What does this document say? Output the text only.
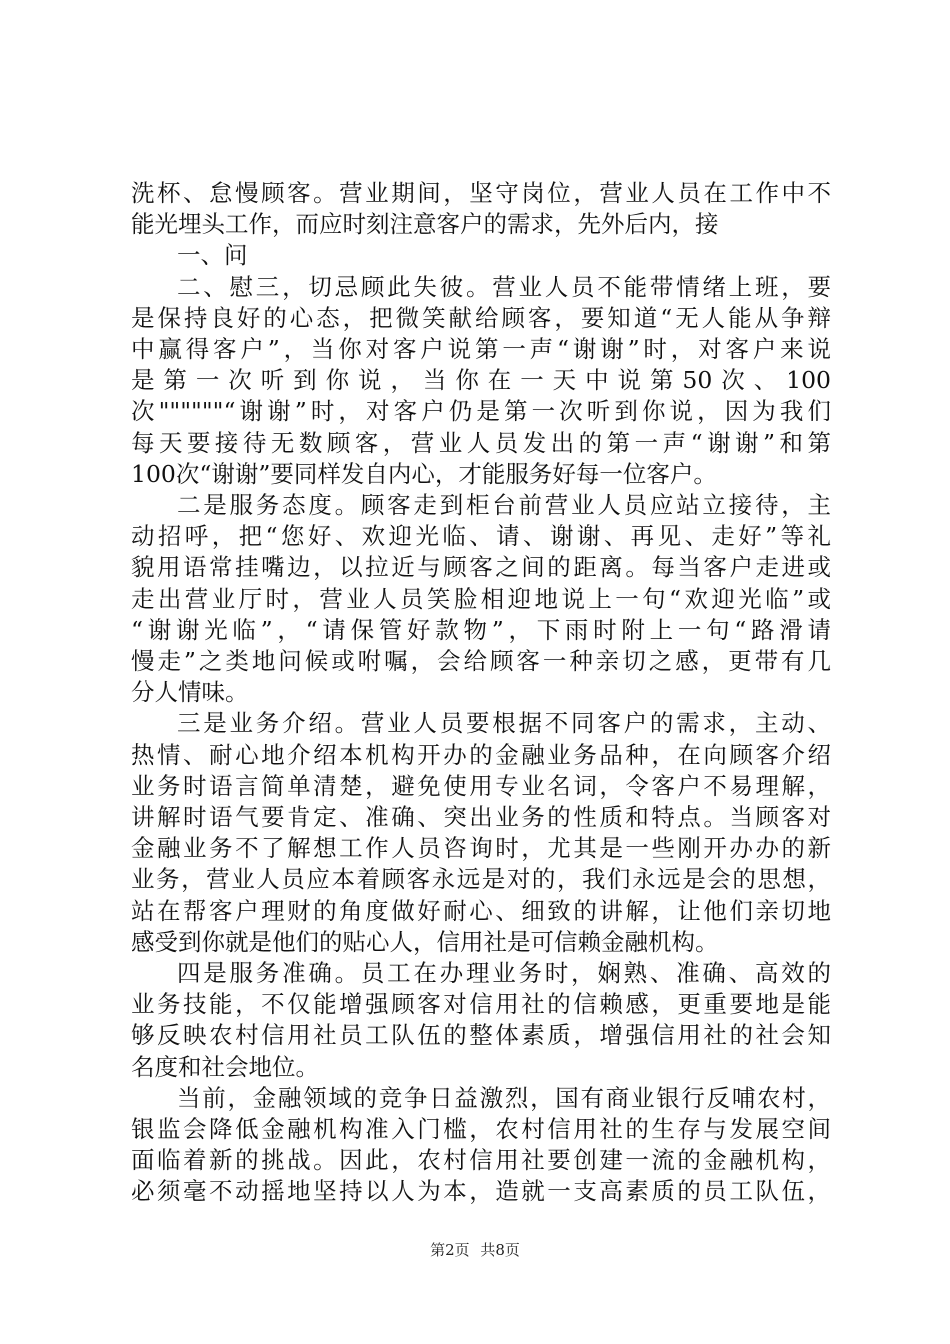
洗杯、怠慢顾客。营业期间，坚守岗位，营业人员在工作中不
能光埋头工作，而应时刻注意客户的需求，先外后内，接
一、问
二、慰三，切忌顾此失彼。营业人员不能带情绪上班，要
是保持良好的心态，把微笑献给顾客，要知道“无人能从争辩
中赢得客户”，当你对客户说第一声“谢谢”时，对客户来说
是第一次听到你说，当你在一天中说第50次、100
次""""""“谢谢”时，对客户仍是第一次听到你说，因为我们
每天要接待无数顾客，营业人员发出的第一声“谢谢”和第
100次“谢谢”要同样发自内心，才能服务好每一位客户。
二是服务态度。顾客走到柜台前营业人员应站立接待，主
动招呼，把“您好、欢迎光临、请、谢谢、再见、走好”等礼
貌用语常挂嘴边，以拉近与顾客之间的距离。每当客户走进或
走出营业厅时，营业人员笑脸相迎地说上一句“欢迎光临”或
“谢谢光临”，“请保管好款物”，下雨时附上一句“路滑请
慢走”之类地问候或咐嘱，会给顾客一种亲切之感，更带有几
分人情味。
三是业务介绍。营业人员要根据不同客户的需求，主动、
热情、耐心地介绍本机构开办的金融业务品种，在向顾客介绍
业务时语言简单清楚，避免使用专业名词，令客户不易理解，
讲解时语气要肯定、准确、突出业务的性质和特点。当顾客对
金融业务不了解想工作人员咨询时，尤其是一些刚开办办的新
业务，营业人员应本着顾客永远是对的，我们永远是会的思想，
站在帮客户理财的角度做好耐心、细致的讲解，让他们亲切地
感受到你就是他们的贴心人，信用社是可信赖金融机构。
四是服务准确。员工在办理业务时，娴熟、准确、高效的
业务技能，不仅能增强顾客对信用社的信赖感，更重要地是能
够反映农村信用社员工队伍的整体素质，增强信用社的社会知
名度和社会地位。
当前，金融领域的竞争日益激烈，国有商业银行反哺农村，
银监会降低金融机构准入门槛，农村信用社的生存与发展空间
面临着新的挑战。因此，农村信用社要创建一流的金融机构，
必须毫不动摇地坚持以人为本，造就一支高素质的员工队伍，
第2页 共8页
